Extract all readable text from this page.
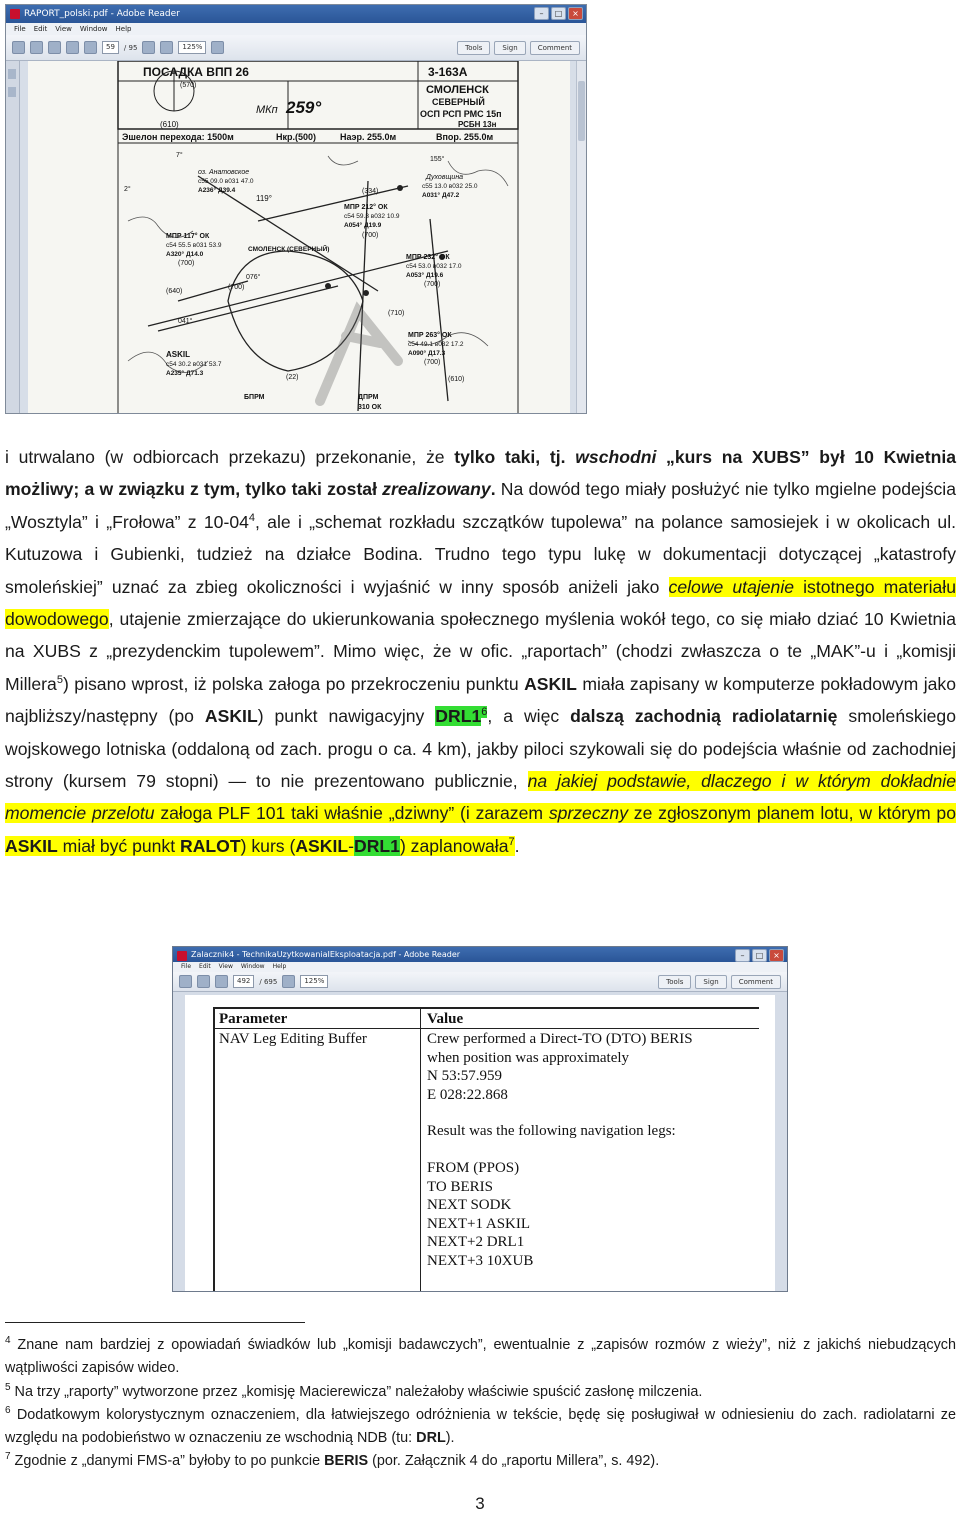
RAPORT_polski.pdf - Adobe Reader	–	□	×
File Edit View Window Help
59	/ 95	125%	Tools	Sign	Comment
ПОСАДКА ВПП 26	3-163А
СМОЛЕНСК
СЕВЕРНЫЙ
ОСП РСП РМС 15п
МКп 259°
РСБН 13н
(570)
(610)
Эшелон перехода: 1500м	Нкр.(500)	Наэр. 255.0м	Впор. 255.0м
оз. Анатовское
с55 09.0 в031 47.0
А236° Д39.4
Духовщина
с55 13.0 в032 25.0
А031° Д47.2
МПР 212° ОК
с54 59.3 в032 10.9
А054° Д19.9
(700)
МПР 117° ОК
с54 55.5 в031 53.9
А320° Д14.0
(700)
СМОЛЕНСК (СЕВЕРНЫЙ)
МПР 232° ОК
с54 53.0 в032 17.0
А053° Д19.6
(700)
МПР 263° ОК
с54 49.1 в032 17.2
А090° Д17.3
(700)
ASKIL
с54 30.2 в031 53.7
А235° Д71.3
БПРМ	ДПРМ
310 ОК
119°
076°
041°
155°
7°
2°
(640)
(334)
(710)
(610)
(700)
(22)
i utrwalano (w odbiorcach przekazu) przekonanie, że tylko taki, tj. wschodni „kurs na XUBS” był 10 Kwietnia możliwy; a w związku z tym, tylko taki został zrealizowany. Na dowód tego miały posłużyć nie tylko mgielne podejścia „Wosztyla” i „Frołowa” z $10-04^4$, ale i „schemat rozkładu szczątków tupolewa” na polance samosiejek i w okolicach ul. Kutuzowa i Gubienki, tudzież na działce Bodina. Trudno tego typu lukę w dokumentacji dotyczącej „katastrofy smoleńskiej” uznać za zbieg okoliczności i wyjaśnić w inny sposób aniżeli jako celowe utajenie istotnego materiału dowodowego, utajenie zmierzające do ukierunkowania społecznego myślenia wokół tego, co się miało dziać 10 Kwietnia na XUBS z „prezydenckim tupolewem”. Mimo więc, że w ofic. „raportach” (chodzi zwłaszcza o te „MAK”-u i „komisji Millera$^5$) pisano wprost, iż polska załoga po przekroczeniu punktu ASKIL miała zapisany w komputerze pokładowym jako najbliższy/następny (po ASKIL) punkt nawigacyjny $DRL1^6$, a więc dalszą zachodnią radiolatarnię smoleńskiego wojskowego lotniska (oddaloną od zach. progu o ca. 4 km), jakby piloci szykowali się do podejścia właśnie od zachodniej strony (kursem 79 stopni) — to nie prezentowano publicznie, na jakiej podstawie, dlaczego i w którym dokładnie momencie przelotu załoga PLF 101 taki właśnie „dziwny” (i zarazem sprzeczny ze zgłoszonym planem lotu, w którym po ASKIL miał być punkt RALOT) kurs (ASKIL-DRL1) zaplanowała$^7$.
Zalacznik4 - TechnikaUzytkowaniaIEksploatacja.pdf - Adobe Reader	–	□	×
File Edit View Window Help
492	/ 695	125%	Tools	Sign	Comment
Parameter	Value
NAV Leg Editing Buffer	Crew performed a Direct-TO (DTO) BERIS
when position was approximately
N 53:57.959
E 028:22.868
Result was the following navigation legs:
FROM (PPOS)
TO BERIS
NEXT SODK
NEXT+1 ASKIL
NEXT+2 DRL1
NEXT+3 10XUB
$^4$ Znane nam bardziej z opowiadań świadków lub „komisji badawczych”, ewentualnie z „zapisów rozmów z wieży”, niż z jakichś niebudzących wątpliwości zapisów wideo.
$^5$ Na trzy „raporty” wytworzone przez „komisję Macierewicza” należałoby właściwie spuścić zasłonę milczenia.
$^6$ Dodatkowym kolorystycznym oznaczeniem, dla łatwiejszego odróżnienia w tekście, będę się posługiwał w odniesieniu do zach. radiolatarni ze względu na podobieństwo w oznaczeniu ze wschodnią NDB (tu: DRL).
$^7$ Zgodnie z „danymi FMS-a” byłoby to po punkcie BERIS (por. Załącznik 4 do „raportu Millera”, s. 492).
3
